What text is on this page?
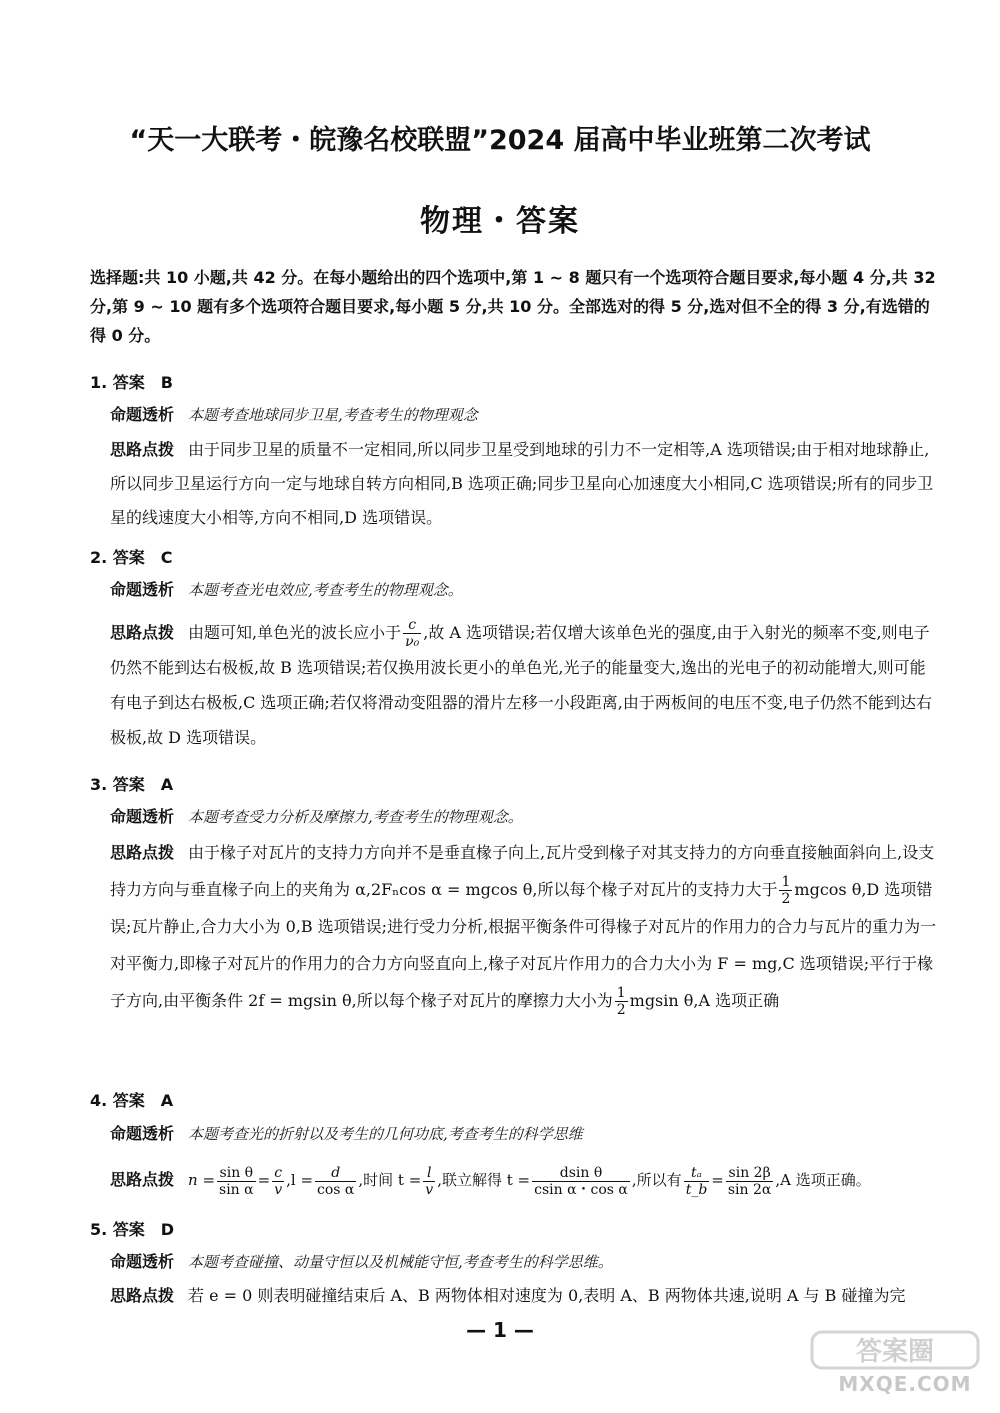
“天一大联考・皖豫名校联盟”2024 届高中毕业班第二次考试
物理・答案
选择题:共 10 小题,共 42 分。在每小题给出的四个选项中,第 1 ~ 8 题只有一个选项符合题目要求,每小题 4 分,共 32 分,第 9 ~ 10 题有多个选项符合题目要求,每小题 5 分,共 10 分。全部选对的得 5 分,选对但不全的得 3 分,有选错的得 0 分。
1. 答案　B
命题透析 本题考查地球同步卫星,考查考生的物理观念
思路点拨 由于同步卫星的质量不一定相同,所以同步卫星受到地球的引力不一定相等,A 选项错误;由于相对地球静止,所以同步卫星运行方向一定与地球自转方向相同,B 选项正确;同步卫星向心加速度大小相同,C 选项错误;所有的同步卫星的线速度大小相等,方向不相同,D 选项错误。
2. 答案　C
命题透析 本题考查光电效应,考查考生的物理观念。
思路点拨 由题可知,单色光的波长应小于 $\frac{c}{\text{ν₀}}$ ,故 A 选项错误;若仅增大该单色光的强度,由于入射光的频率不变,则电子仍然不能到达右极板,故 B 选项错误;若仅换用波长更小的单色光,光子的能量变大,逸出的光电子的初动能增大,则可能有电子到达右极板,C 选项正确;若仅将滑动变阻器的滑片左移一小段距离,由于两板间的电压不变,电子仍然不能到达右极板,故 D 选项错误。
3. 答案　A
命题透析 本题考查受力分析及摩擦力,考查考生的物理观念。
思路点拨 由于椽子对瓦片的支持力方向并不是垂直椽子向上,瓦片受到椽子对其支持力的方向垂直接触面斜向上,设支持力方向与垂直椽子向上的夹角为 α,2Fₙcos α = mgcos θ,所以每个椽子对瓦片的支持力大于 $\frac{1}{2}$ mgcos θ,D 选项错误;瓦片静止,合力大小为 0,B 选项错误;进行受力分析,根据平衡条件可得椽子对瓦片的作用力的合力与瓦片的重力为一对平衡力,即椽子对瓦片的作用力的合力方向竖直向上,椽子对瓦片作用力的合力大小为 F = mg,C 选项错误;平行于椽子方向,由平衡条件 2f = mgsin θ,所以每个椽子对瓦片的摩擦力大小为 $\frac{1}{2}$ mgsin θ,A 选项正确
4. 答案　A
命题透析 本题考查光的折射以及考生的几何功底,考查考生的科学思维
思路点拨 $n = \frac{\text{sin θ}}{\text{sin α}} = \frac{c}{v} ,l = \frac{d}{\text{cos α}}$ ,时间 $t = \frac{l}{v}$ ,联立解得 $t = \frac{\text{dsin θ}}{\text{csin α・cos α}}$ ,所以有 $\frac{\text{tₐ}}{t\_b} = \frac{\sin 2\beta}{\sin 2\alpha} ,A$ 选项正确。
5. 答案　D
命题透析 本题考查碰撞、动量守恒以及机械能守恒,考查考生的科学思维。
思路点拨 若 e = 0 则表明碰撞结束后 A、B 两物体相对速度为 0,表明 A、B 两物体共速,说明 A 与 B 碰撞为完
— 1 —
答案圈
MXQE.COM
